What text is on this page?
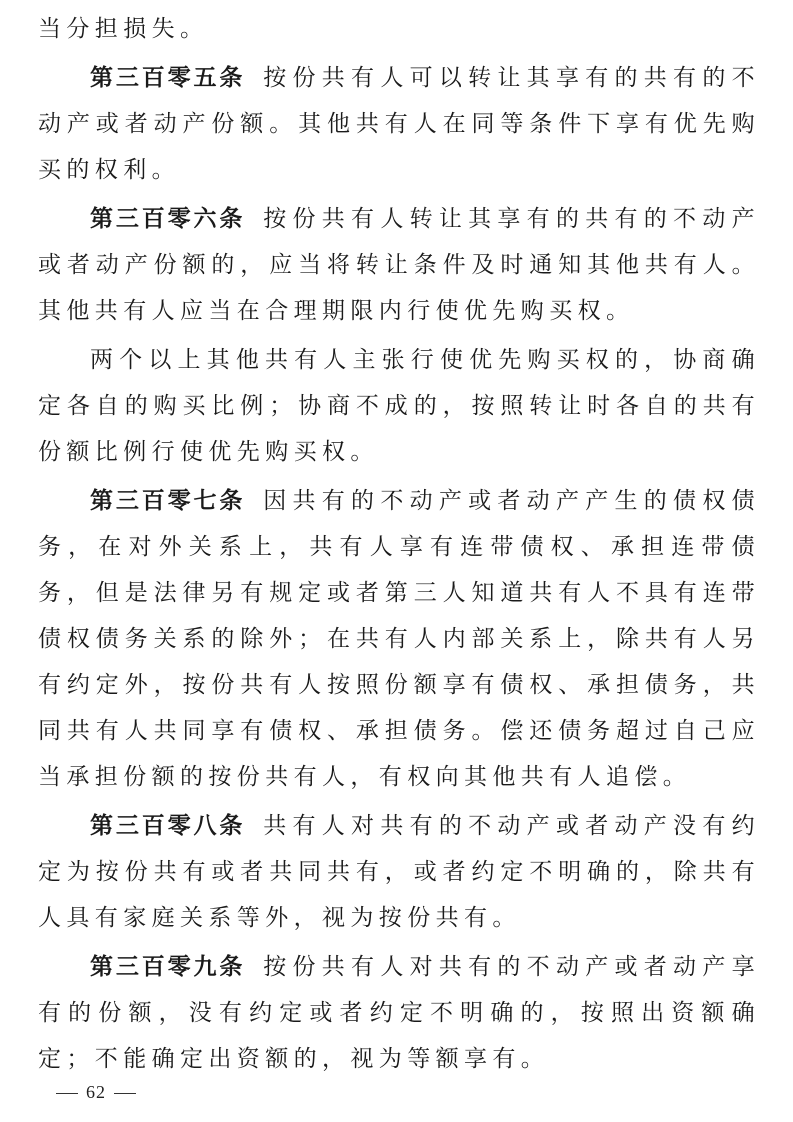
当分担损失。

第三百零五条 按份共有人可以转让其享有的共有的不动产或者动产份额。其他共有人在同等条件下享有优先购买的权利。

第三百零六条 按份共有人转让其享有的共有的不动产或者动产份额的，应当将转让条件及时通知其他共有人。其他共有人应当在合理期限内行使优先购买权。

两个以上其他共有人主张行使优先购买权的，协商确定各自的购买比例；协商不成的，按照转让时各自的共有份额比例行使优先购买权。

第三百零七条 因共有的不动产或者动产产生的债权债务，在对外关系上，共有人享有连带债权、承担连带债务，但是法律另有规定或者第三人知道共有人不具有连带债权债务关系的除外；在共有人内部关系上，除共有人另有约定外，按份共有人按照份额享有债权、承担债务，共同共有人共同享有债权、承担债务。偿还债务超过自己应当承担份额的按份共有人，有权向其他共有人追偿。

第三百零八条 共有人对共有的不动产或者动产没有约定为按份共有或者共同共有，或者约定不明确的，除共有人具有家庭关系等外，视为按份共有。

第三百零九条 按份共有人对共有的不动产或者动产享有的份额，没有约定或者约定不明确的，按照出资额确定；不能确定出资额的，视为等额享有。

62
